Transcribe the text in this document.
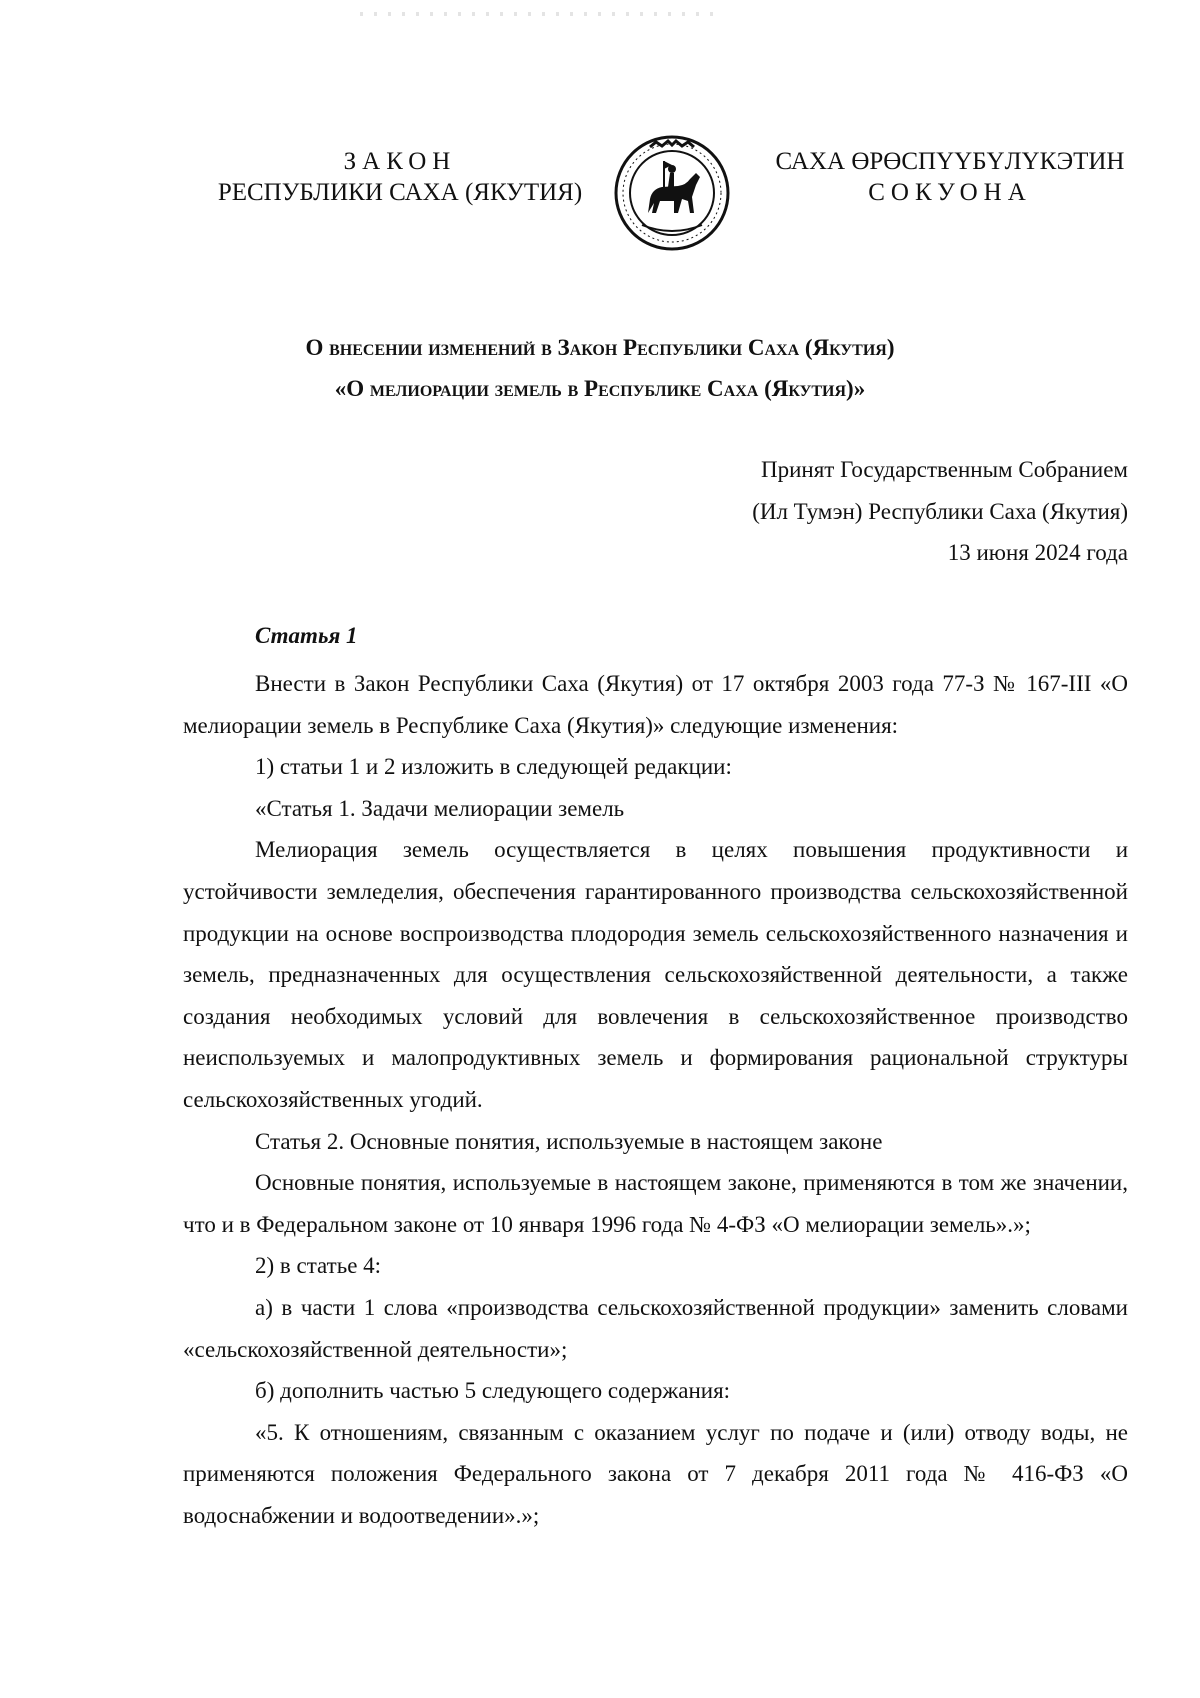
ЗАКОН
РЕСПУБЛИКИ САХА (ЯКУТИЯ)
САХА ӨРӨСПҮҮБҮЛҮКЭТИН
СОКУОНА
О внесении изменений в Закон Республики Саха (Якутия)
«О мелиорации земель в Республике Саха (Якутия)»
Принят Государственным Собранием
(Ил Тумэн) Республики Саха (Якутия)
13 июня 2024 года
Статья 1

Внести в Закон Республики Саха (Якутия) от 17 октября 2003 года 77-З № 167-III «О мелиорации земель в Республике Саха (Якутия)» следующие изменения:

1) статьи 1 и 2 изложить в следующей редакции:

«Статья 1. Задачи мелиорации земель

Мелиорация земель осуществляется в целях повышения продуктивности и устойчивости земледелия, обеспечения гарантированного производства сельскохозяйственной продукции на основе воспроизводства плодородия земель сельскохозяйственного назначения и земель, предназначенных для осуществления сельскохозяйственной деятельности, а также создания необходимых условий для вовлечения в сельскохозяйственное производство неиспользуемых и малопродуктивных земель и формирования рациональной структуры сельскохозяйственных угодий.

Статья 2. Основные понятия, используемые в настоящем законе

Основные понятия, используемые в настоящем законе, применяются в том же значении, что и в Федеральном законе от 10 января 1996 года № 4-ФЗ «О мелиорации земель».»;

2) в статье 4:

а) в части 1 слова «производства сельскохозяйственной продукции» заменить словами «сельскохозяйственной деятельности»;

б) дополнить частью 5 следующего содержания:

«5. К отношениям, связанным с оказанием услуг по подаче и (или) отводу воды, не применяются положения Федерального закона от 7 декабря 2011 года № 416-ФЗ «О водоснабжении и водоотведении».»;
